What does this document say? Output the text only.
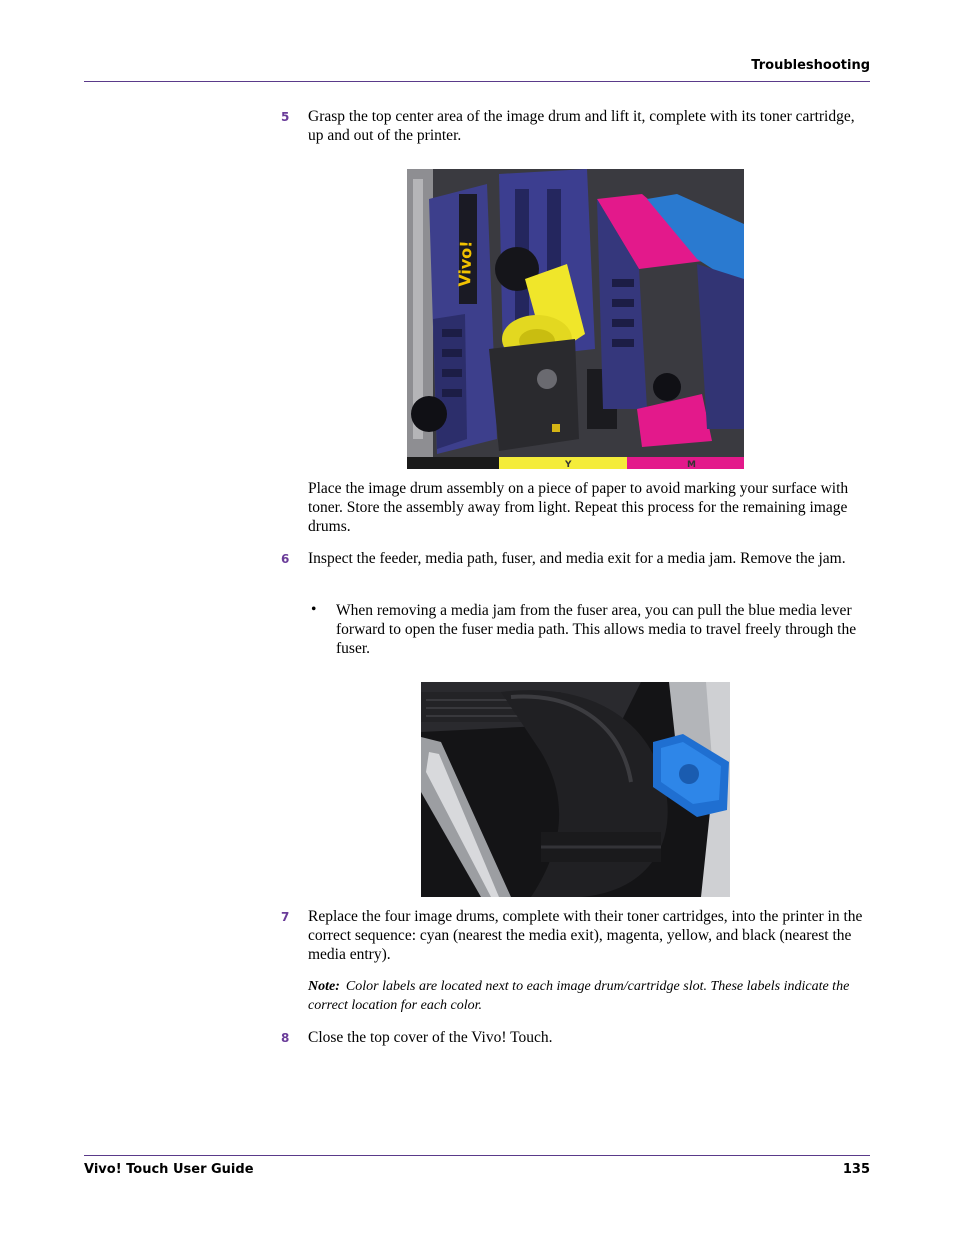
Troubleshooting
5 Grasp the top center area of the image drum and lift it, complete with its toner cartridge, up and out of the printer.
Vivo!
Y	M
Place the image drum assembly on a piece of paper to avoid marking your surface with toner. Store the assembly away from light. Repeat this process for the remaining image drums.
6 Inspect the feeder, media path, fuser, and media exit for a media jam. Remove the jam.
• When removing a media jam from the fuser area, you can pull the blue media lever forward to open the fuser media path. This allows media to travel freely through the fuser.
7 Replace the four image drums, complete with their toner cartridges, into the printer in the correct sequence: cyan (nearest the media exit), magenta, yellow, and black (nearest the media entry).
Note: Color labels are located next to each image drum/cartridge slot. These labels indicate the correct location for each color.
8 Close the top cover of the Vivo! Touch.
Vivo! Touch User Guide	135
